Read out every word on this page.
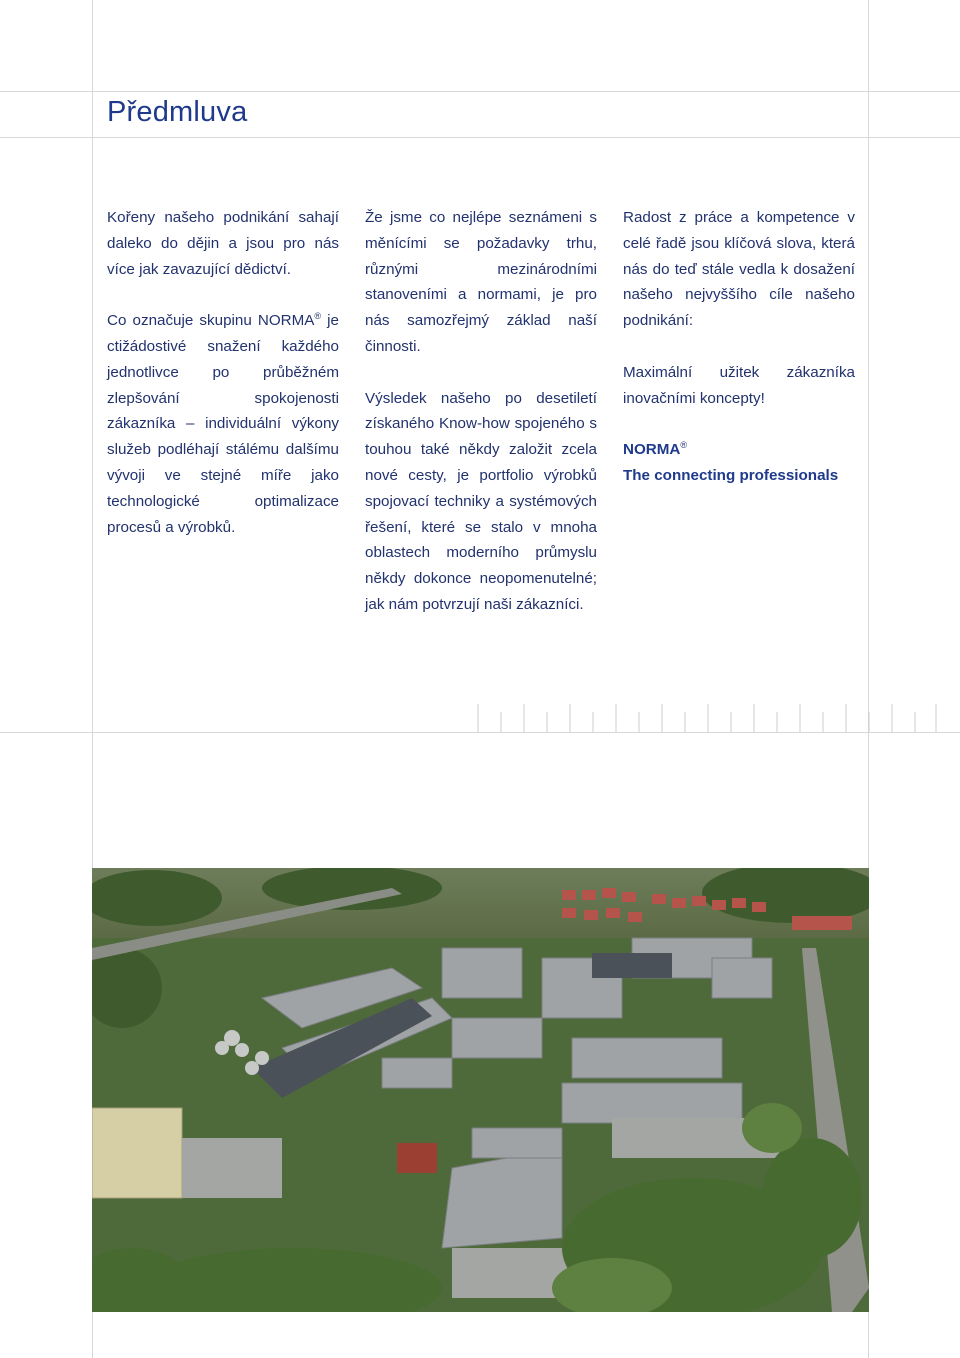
Předmluva

Kořeny našeho podnikání sahají daleko do dějin a jsou pro nás více jak zavazující dědictví.

Co označuje skupinu NORMA® je ctižádostivé snažení každého jednotlivce po průběžném zlepšování spokojenosti zákazníka – individuální výkony služeb podléhají stálému dalšímu vývoji ve stejné míře jako technologické optimalizace procesů a výrobků.

Že jsme co nejlépe seznámeni s měnícími se požadavky trhu, různými mezinárodními stanoveními a normami, je pro nás samozřejmý základ naší činnosti.

Výsledek našeho po desetiletí získaného Know-how spojeného s touhou také někdy založit zcela nové cesty, je portfolio výrobků spojovací techniky a systémových řešení, které se stalo v mnoha oblastech moderního průmyslu někdy dokonce neopomenutelné; jak nám potvrzují naši zákazníci.

Radost z práce a kompetence v celé řadě jsou klíčová slova, která nás do teď stále vedla k dosažení našeho nejvyššího cíle našeho podnikání:

Maximální užitek zákazníka inovačními koncepty!

NORMA®
The connecting professionals
